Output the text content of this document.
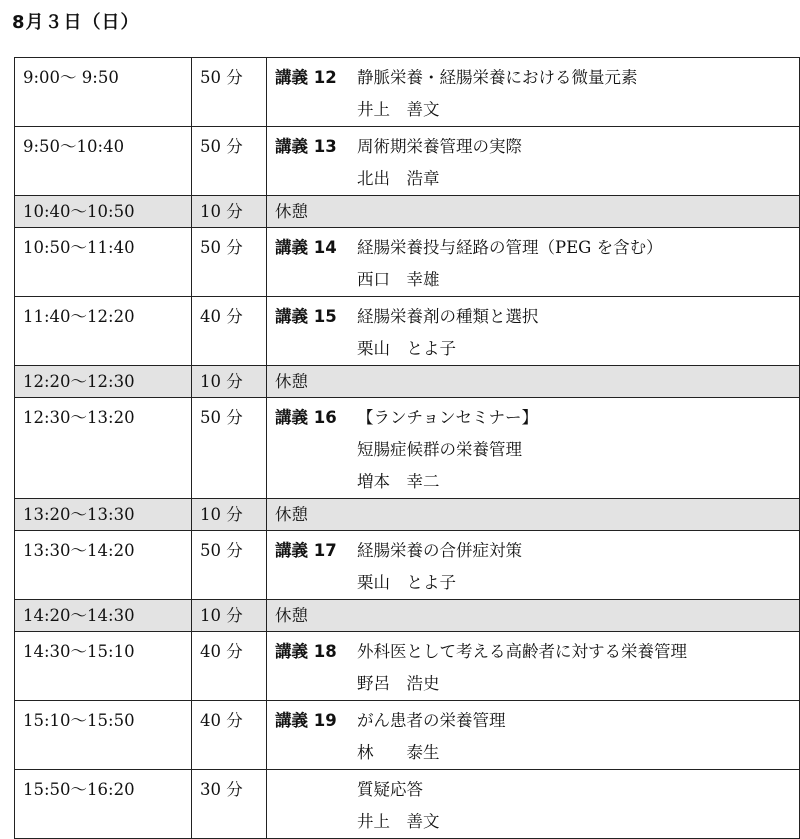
8月３日（日）
9:00～ 9:50	50 分	講義 12 静脈栄養・経腸栄養における微量元素
井上　善文

9:50～10:40	50 分	講義 13 周術期栄養管理の実際
北出　浩章

10:40～10:50	10 分	休憩
10:50～11:40	50 分	講義 14 経腸栄養投与経路の管理（PEG を含む）
西口　幸雄

11:40～12:20	40 分	講義 15 経腸栄養剤の種類と選択
栗山　とよ子

12:20～12:30	10 分	休憩
12:30～13:20	50 分	講義 16 【ランチョンセミナー】
短腸症候群の栄養管理
増本　幸二

13:20～13:30	10 分	休憩
13:30～14:20	50 分	講義 17 経腸栄養の合併症対策
栗山　とよ子

14:20～14:30	10 分	休憩
14:30～15:10	40 分	講義 18 外科医として考える高齢者に対する栄養管理
野呂　浩史

15:10～15:50	40 分	講義 19 がん患者の栄養管理
林　　泰生

15:50～16:20	30 分	質疑応答
井上　善文
